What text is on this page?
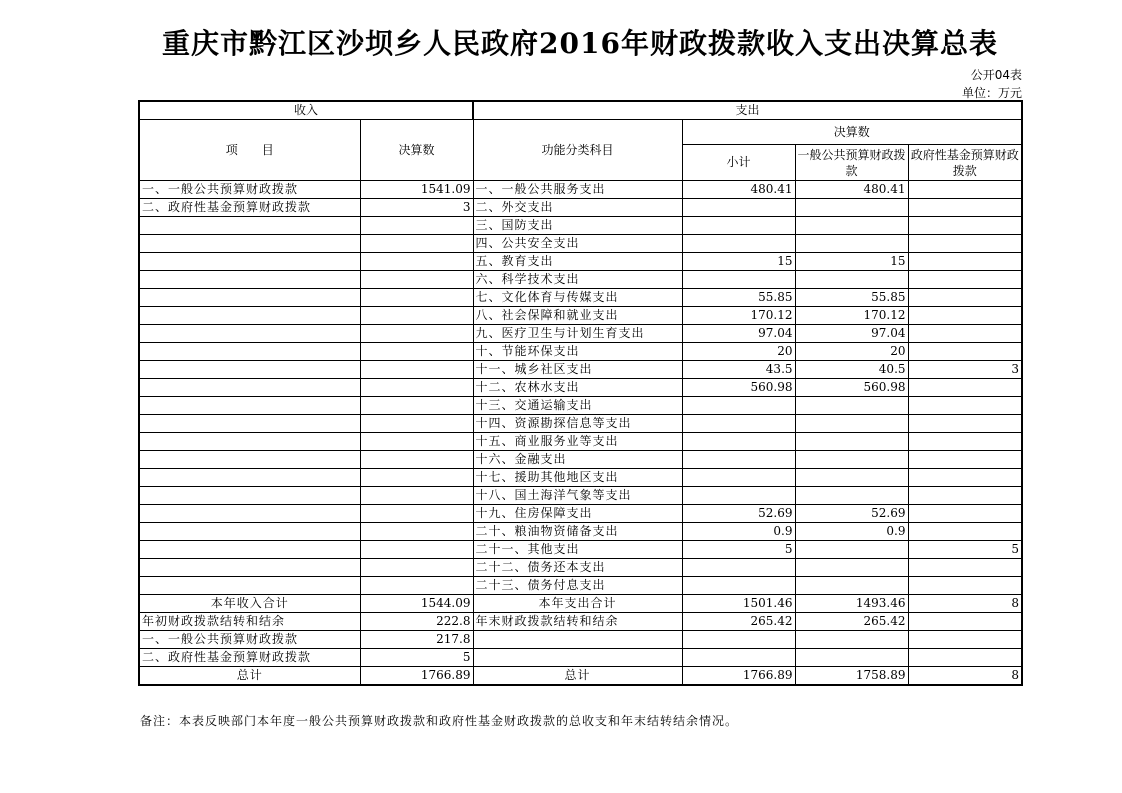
重庆市黔江区沙坝乡人民政府2016年财政拨款收入支出决算总表
公开04表
单位：万元
收入		支出			
项　　目	决算数	功能分类科目	决算数		
			小计	一般公共预算财政拨款	政府性基金预算财政拨款
一、一般公共预算财政拨款	1541.09	一、一般公共服务支出	480.41	480.41	
二、政府性基金预算财政拨款	3	二、外交支出			
		三、国防支出			
		四、公共安全支出			
		五、教育支出	15	15	
		六、科学技术支出			
		七、文化体育与传媒支出	55.85	55.85	
		八、社会保障和就业支出	170.12	170.12	
		九、医疗卫生与计划生育支出	97.04	97.04	
		十、节能环保支出	20	20	
		十一、城乡社区支出	43.5	40.5	3
		十二、农林水支出	560.98	560.98	
		十三、交通运输支出			
		十四、资源勘探信息等支出			
		十五、商业服务业等支出			
		十六、金融支出			
		十七、援助其他地区支出			
		十八、国土海洋气象等支出			
		十九、住房保障支出	52.69	52.69	
		二十、粮油物资储备支出	0.9	0.9	
		二十一、其他支出	5		5
		二十二、债务还本支出			
		二十三、债务付息支出			
本年收入合计	1544.09	本年支出合计	1501.46	1493.46	8
年初财政拨款结转和结余	222.8	年末财政拨款结转和结余	265.42	265.42	
一、一般公共预算财政拨款	217.8				
二、政府性基金预算财政拨款	5				
总计	1766.89	总计	1766.89	1758.89	8
备注：本表反映部门本年度一般公共预算财政拨款和政府性基金财政拨款的总收支和年末结转结余情况。
